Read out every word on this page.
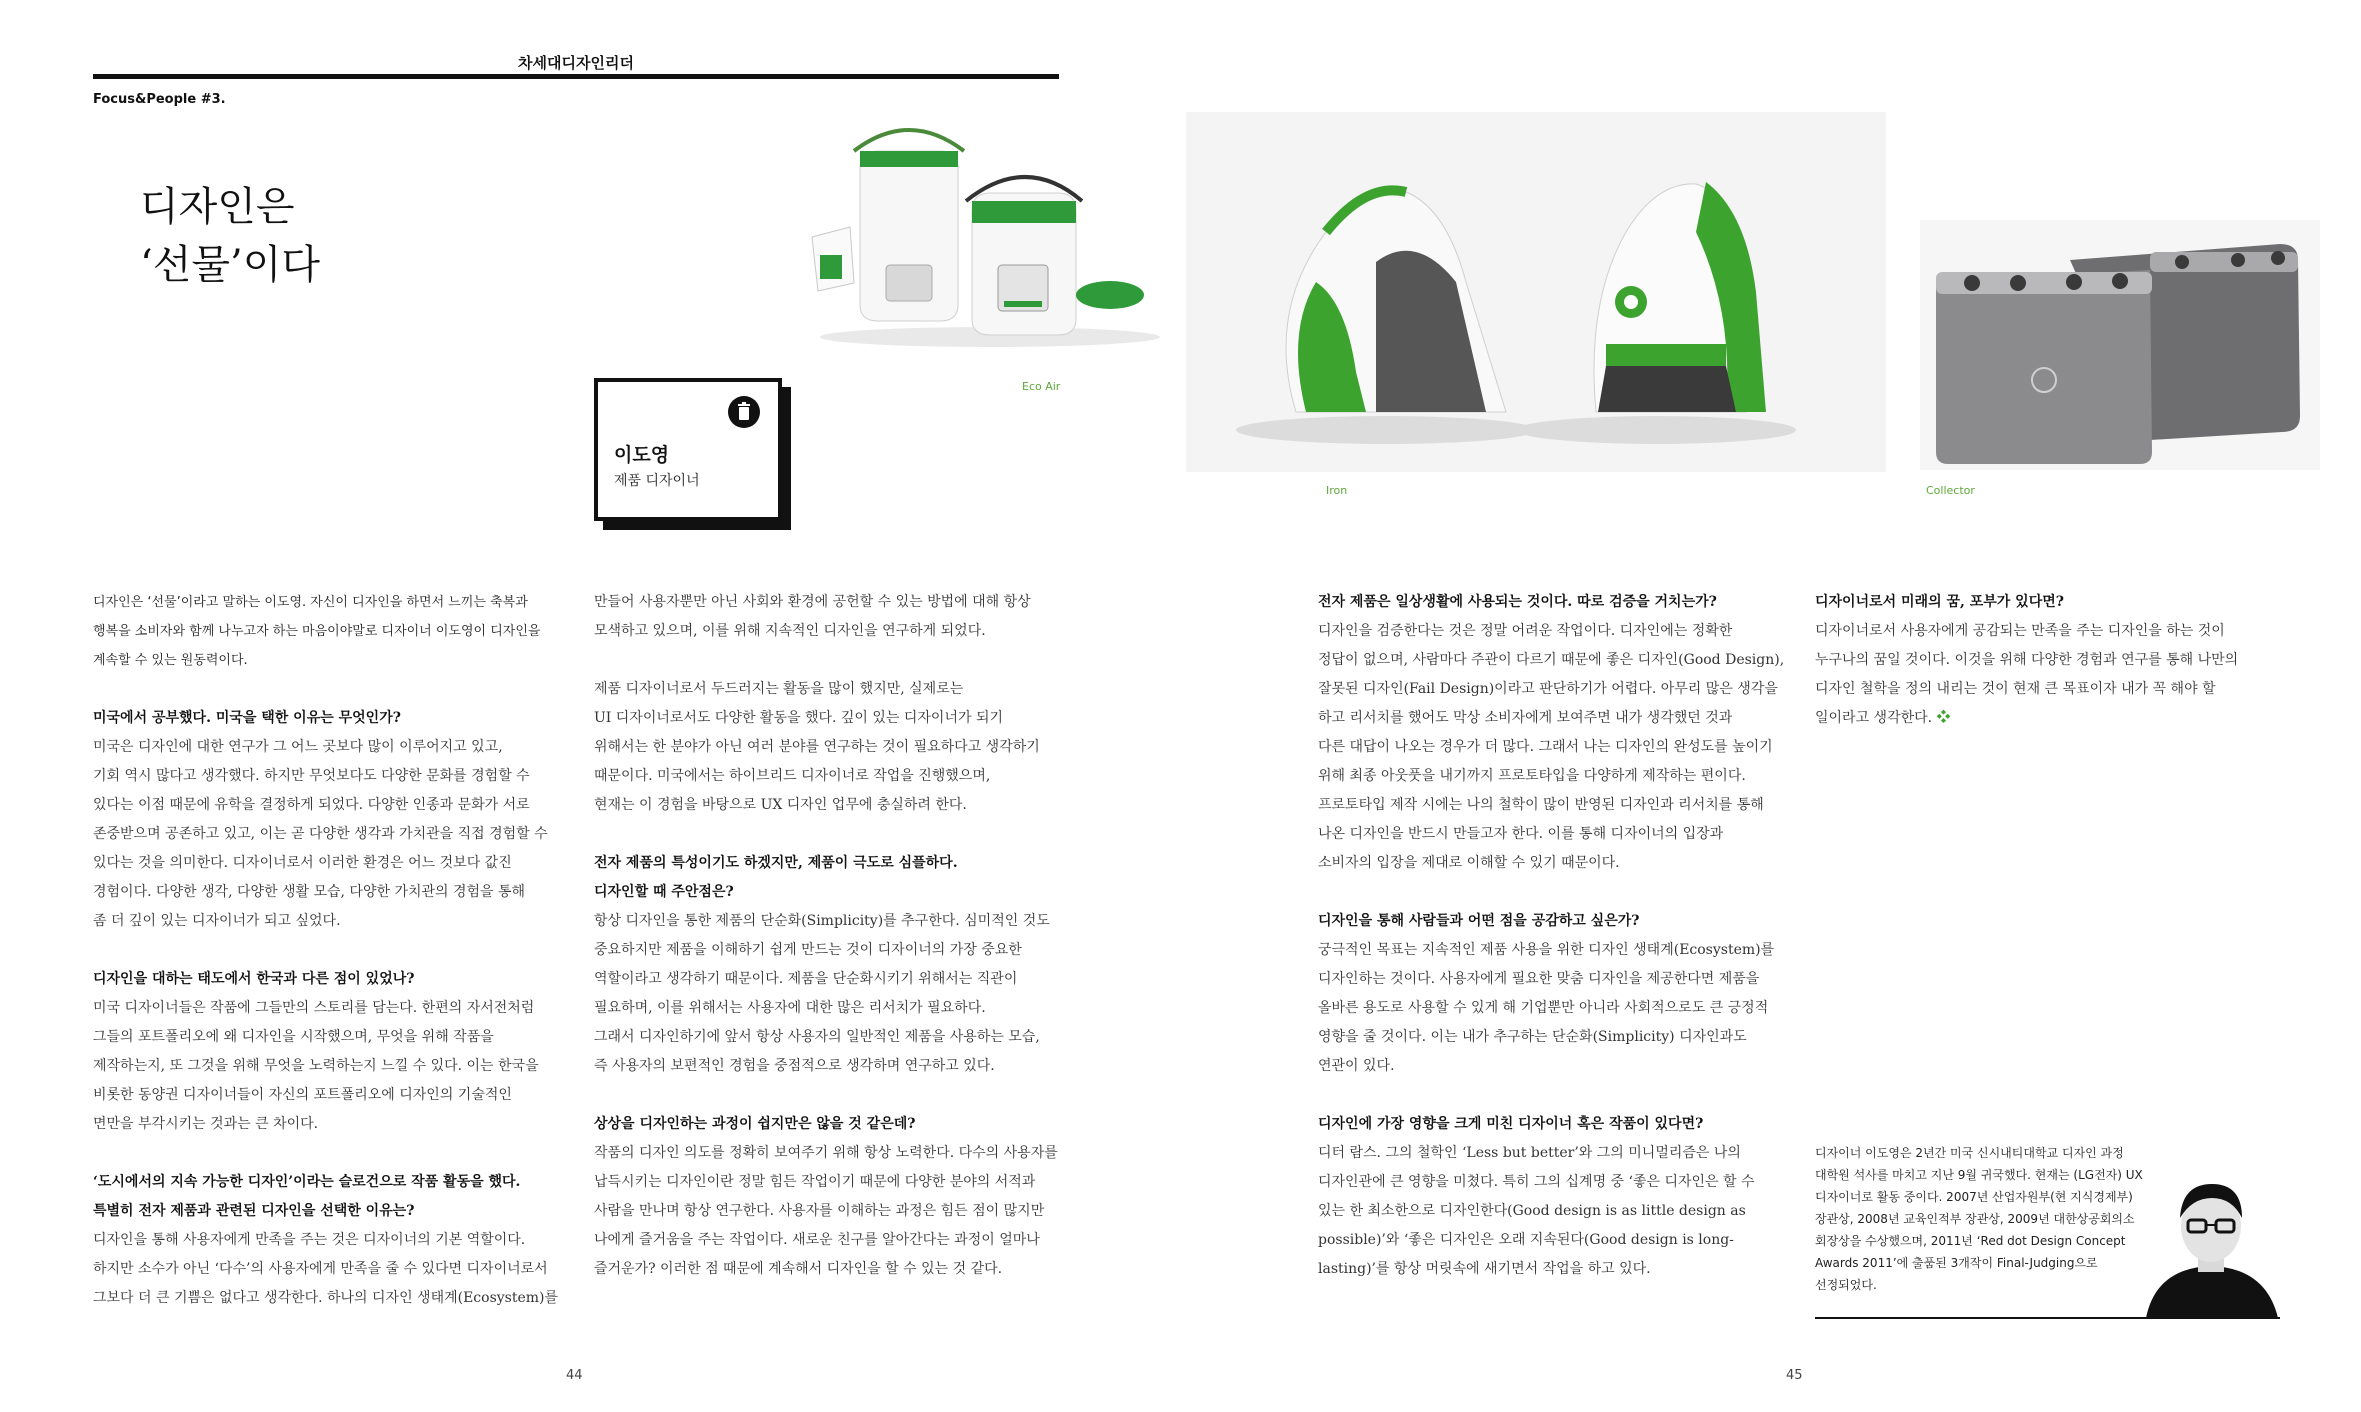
차세대디자인리더
Focus&People #3.
디자인은
‘선물’이다
Eco Air
이도영
제품 디자이너

디자인은 ‘선물’이라고 말하는 이도영. 자신이 디자인을 하면서 느끼는 축복과
행복을 소비자와 함께 나누고자 하는 마음이야말로 디자이너 이도영이 디자인을
계속할 수 있는 원동력이다.

미국에서 공부했다. 미국을 택한 이유는 무엇인가?

미국은 디자인에 대한 연구가 그 어느 곳보다 많이 이루어지고 있고,
기회 역시 많다고 생각했다. 하지만 무엇보다도 다양한 문화를 경험할 수
있다는 이점 때문에 유학을 결정하게 되었다. 다양한 인종과 문화가 서로
존중받으며 공존하고 있고, 이는 곧 다양한 생각과 가치관을 직접 경험할 수
있다는 것을 의미한다. 디자이너로서 이러한 환경은 어느 것보다 값진
경험이다. 다양한 생각, 다양한 생활 모습, 다양한 가치관의 경험을 통해
좀 더 깊이 있는 디자이너가 되고 싶었다.

디자인을 대하는 태도에서 한국과 다른 점이 있었나?

미국 디자이너들은 작품에 그들만의 스토리를 담는다. 한편의 자서전처럼
그들의 포트폴리오에 왜 디자인을 시작했으며, 무엇을 위해 작품을
제작하는지, 또 그것을 위해 무엇을 노력하는지 느낄 수 있다. 이는 한국을
비롯한 동양권 디자이너들이 자신의 포트폴리오에 디자인의 기술적인
면만을 부각시키는 것과는 큰 차이다.

‘도시에서의 지속 가능한 디자인’이라는 슬로건으로 작품 활동을 했다.
특별히 전자 제품과 관련된 디자인을 선택한 이유는?

디자인을 통해 사용자에게 만족을 주는 것은 디자이너의 기본 역할이다.
하지만 소수가 아닌 ‘다수’의 사용자에게 만족을 줄 수 있다면 디자이너로서
그보다 더 큰 기쁨은 없다고 생각한다. 하나의 디자인 생태계(Ecosystem)를

만들어 사용자뿐만 아닌 사회와 환경에 공헌할 수 있는 방법에 대해 항상
모색하고 있으며, 이를 위해 지속적인 디자인을 연구하게 되었다.

제품 디자이너로서 두드러지는 활동을 많이 했지만, 실제로는
UI 디자이너로서도 다양한 활동을 했다. 깊이 있는 디자이너가 되기
위해서는 한 분야가 아닌 여러 분야를 연구하는 것이 필요하다고 생각하기
때문이다. 미국에서는 하이브리드 디자이너로 작업을 진행했으며,
현재는 이 경험을 바탕으로 UX 디자인 업무에 충실하려 한다.

전자 제품의 특성이기도 하겠지만, 제품이 극도로 심플하다.
디자인할 때 주안점은?

항상 디자인을 통한 제품의 단순화(Simplicity)를 추구한다. 심미적인 것도
중요하지만 제품을 이해하기 쉽게 만드는 것이 디자이너의 가장 중요한
역할이라고 생각하기 때문이다. 제품을 단순화시키기 위해서는 직관이
필요하며, 이를 위해서는 사용자에 대한 많은 리서치가 필요하다.
그래서 디자인하기에 앞서 항상 사용자의 일반적인 제품을 사용하는 모습,
즉 사용자의 보편적인 경험을 중점적으로 생각하며 연구하고 있다.

상상을 디자인하는 과정이 쉽지만은 않을 것 같은데?

작품의 디자인 의도를 정확히 보여주기 위해 항상 노력한다. 다수의 사용자를
납득시키는 디자인이란 정말 힘든 작업이기 때문에 다양한 분야의 서적과
사람을 만나며 항상 연구한다. 사용자를 이해하는 과정은 힘든 점이 많지만
나에게 즐거움을 주는 작업이다. 새로운 친구를 알아간다는 과정이 얼마나
즐거운가? 이러한 점 때문에 계속해서 디자인을 할 수 있는 것 같다.

44
Iron	Collector
전자 제품은 일상생활에 사용되는 것이다. 따로 검증을 거치는가?

디자인을 검증한다는 것은 정말 어려운 작업이다. 디자인에는 정확한
정답이 없으며, 사람마다 주관이 다르기 때문에 좋은 디자인(Good Design),
잘못된 디자인(Fail Design)이라고 판단하기가 어렵다. 아무리 많은 생각을
하고 리서치를 했어도 막상 소비자에게 보여주면 내가 생각했던 것과
다른 대답이 나오는 경우가 더 많다. 그래서 나는 디자인의 완성도를 높이기
위해 최종 아웃풋을 내기까지 프로토타입을 다양하게 제작하는 편이다.
프로토타입 제작 시에는 나의 철학이 많이 반영된 디자인과 리서치를 통해
나온 디자인을 반드시 만들고자 한다. 이를 통해 디자이너의 입장과
소비자의 입장을 제대로 이해할 수 있기 때문이다.

디자인을 통해 사람들과 어떤 점을 공감하고 싶은가?

궁극적인 목표는 지속적인 제품 사용을 위한 디자인 생태계(Ecosystem)를
디자인하는 것이다. 사용자에게 필요한 맞춤 디자인을 제공한다면 제품을
올바른 용도로 사용할 수 있게 해 기업뿐만 아니라 사회적으로도 큰 긍정적
영향을 줄 것이다. 이는 내가 추구하는 단순화(Simplicity) 디자인과도
연관이 있다.

디자인에 가장 영향을 크게 미친 디자이너 혹은 작품이 있다면?

디터 람스. 그의 철학인 ‘Less but better’와 그의 미니멀리즘은 나의
디자인관에 큰 영향을 미쳤다. 특히 그의 십계명 중 ‘좋은 디자인은 할 수
있는 한 최소한으로 디자인한다(Good design is as little design as
possible)’와 ‘좋은 디자인은 오래 지속된다(Good design is long-
lasting)’를 항상 머릿속에 새기면서 작업을 하고 있다.

디자이너로서 미래의 꿈, 포부가 있다면?

디자이너로서 사용자에게 공감되는 만족을 주는 디자인을 하는 것이
누구나의 꿈일 것이다. 이것을 위해 다양한 경험과 연구를 통해 나만의
디자인 철학을 정의 내리는 것이 현재 큰 목표이자 내가 꼭 해야 할
일이라고 생각한다. ❖

디자이너 이도영은 2년간 미국 신시내티대학교 디자인 과정
대학원 석사를 마치고 지난 9월 귀국했다. 현재는 (LG전자) UX
디자이너로 활동 중이다. 2007년 산업자원부(현 지식경제부)
장관상, 2008년 교육인적부 장관상, 2009년 대한상공회의소
회장상을 수상했으며, 2011년 ‘Red dot Design Concept
Awards 2011’에 출품된 3개작이 Final-Judging으로
선정되었다.
45
